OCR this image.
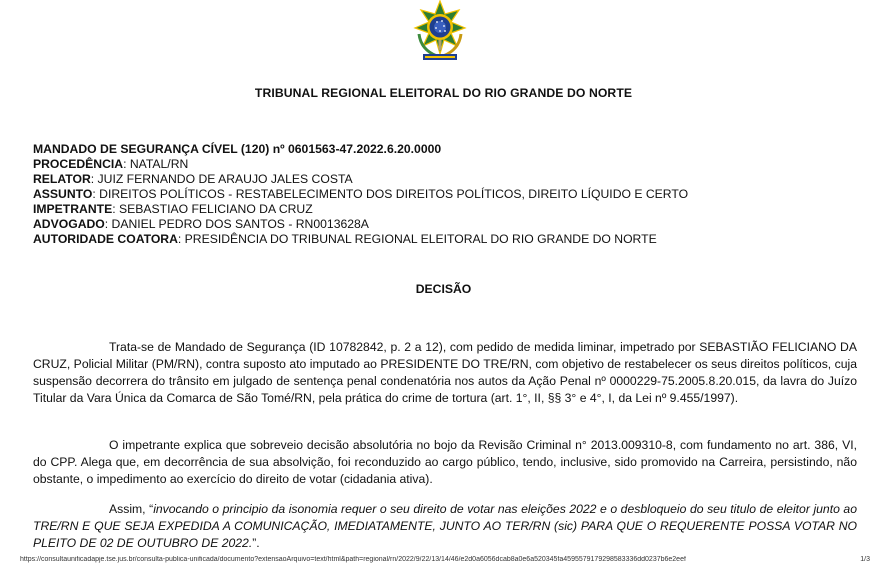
TRIBUNAL REGIONAL ELEITORAL DO RIO GRANDE DO NORTE
MANDADO DE SEGURANÇA CÍVEL (120) nº 0601563-47.2022.6.20.0000
PROCEDÊNCIA: NATAL/RN
RELATOR: JUIZ FERNANDO DE ARAUJO JALES COSTA
ASSUNTO: DIREITOS POLÍTICOS - RESTABELECIMENTO DOS DIREITOS POLÍTICOS, DIREITO LÍQUIDO E CERTO
IMPETRANTE: SEBASTIAO FELICIANO DA CRUZ
ADVOGADO: DANIEL PEDRO DOS SANTOS - RN0013628A
AUTORIDADE COATORA: PRESIDÊNCIA DO TRIBUNAL REGIONAL ELEITORAL DO RIO GRANDE DO NORTE
DECISÃO

Trata-se de Mandado de Segurança (ID 10782842, p. 2 a 12), com pedido de medida liminar, impetrado por SEBASTIÃO FELICIANO DA CRUZ, Policial Militar (PM/RN), contra suposto ato imputado ao PRESIDENTE DO TRE/RN, com objetivo de restabelecer os seus direitos políticos, cuja suspensão decorrera do trânsito em julgado de sentença penal condenatória nos autos da Ação Penal nº 0000229-75.2005.8.20.015, da lavra do Juízo Titular da Vara Única da Comarca de São Tomé/RN, pela prática do crime de tortura (art. 1°, II, §§ 3° e 4°, I, da Lei nº 9.455/1997).

O impetrante explica que sobreveio decisão absolutória no bojo da Revisão Criminal n° 2013.009310-8, com fundamento no art. 386, VI, do CPP. Alega que, em decorrência de sua absolvição, foi reconduzido ao cargo público, tendo, inclusive, sido promovido na Carreira, persistindo, não obstante, o impedimento ao exercício do direito de votar (cidadania ativa).

Assim, “invocando o principio da isonomia requer o seu direito de votar nas eleições 2022 e o desbloqueio do seu titulo de eleitor junto ao TRE/RN E QUE SEJA EXPEDIDA A COMUNICAÇÃO, IMEDIATAMENTE, JUNTO AO TER/RN (sic) PARA QUE O REQUERENTE POSSA VOTAR NO PLEITO DE 02 DE OUTUBRO DE 2022.”.

https://consultaunificadapje.tse.jus.br/consulta-publica-unificada/documento?extensaoArquivo=text/html&path=regional/rn/2022/9/22/13/14/46/e2d0a6056dcab8a0e6a520345fa4595579179298583336dd0237b6e2eef	1/3
